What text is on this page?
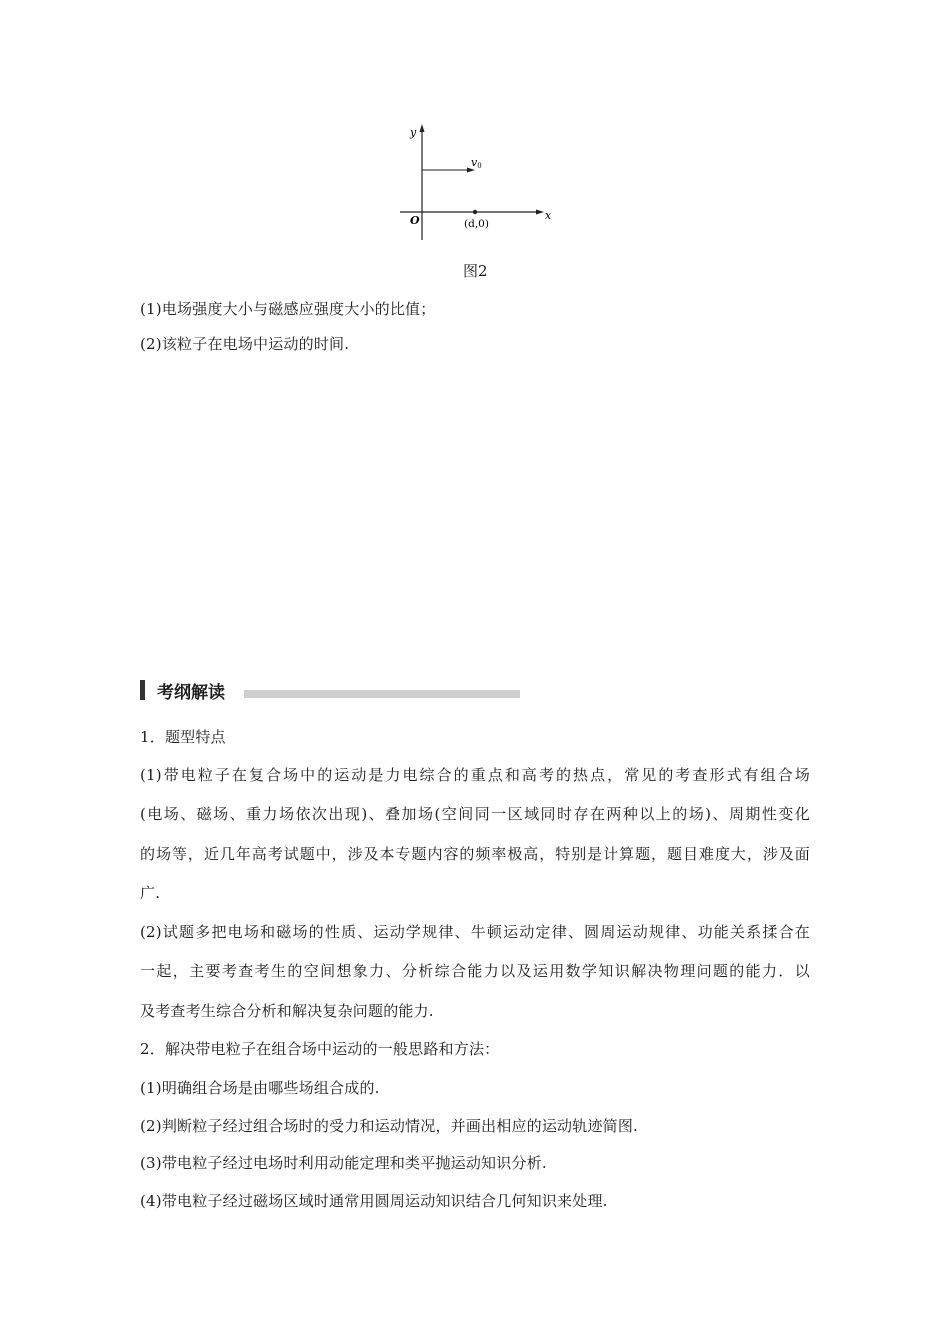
y
x
O
v0
(d,0)
图2
(1)电场强度大小与磁感应强度大小的比值；
(2)该粒子在电场中运动的时间.
考纲解读
1．题型特点
(1)带电粒子在复合场中的运动是力电综合的重点和高考的热点，常见的考查形式有组合场
(电场、磁场、重力场依次出现)、叠加场(空间同一区域同时存在两种以上的场)、周期性变化
的场等，近几年高考试题中，涉及本专题内容的频率极高，特别是计算题，题目难度大，涉及面
广.
(2)试题多把电场和磁场的性质、运动学规律、牛顿运动定律、圆周运动规律、功能关系揉合在
一起，主要考查考生的空间想象力、分析综合能力以及运用数学知识解决物理问题的能力．以
及考查考生综合分析和解决复杂问题的能力.
2．解决带电粒子在组合场中运动的一般思路和方法：
(1)明确组合场是由哪些场组合成的.
(2)判断粒子经过组合场时的受力和运动情况，并画出相应的运动轨迹简图.
(3)带电粒子经过电场时利用动能定理和类平抛运动知识分析.
(4)带电粒子经过磁场区域时通常用圆周运动知识结合几何知识来处理.
